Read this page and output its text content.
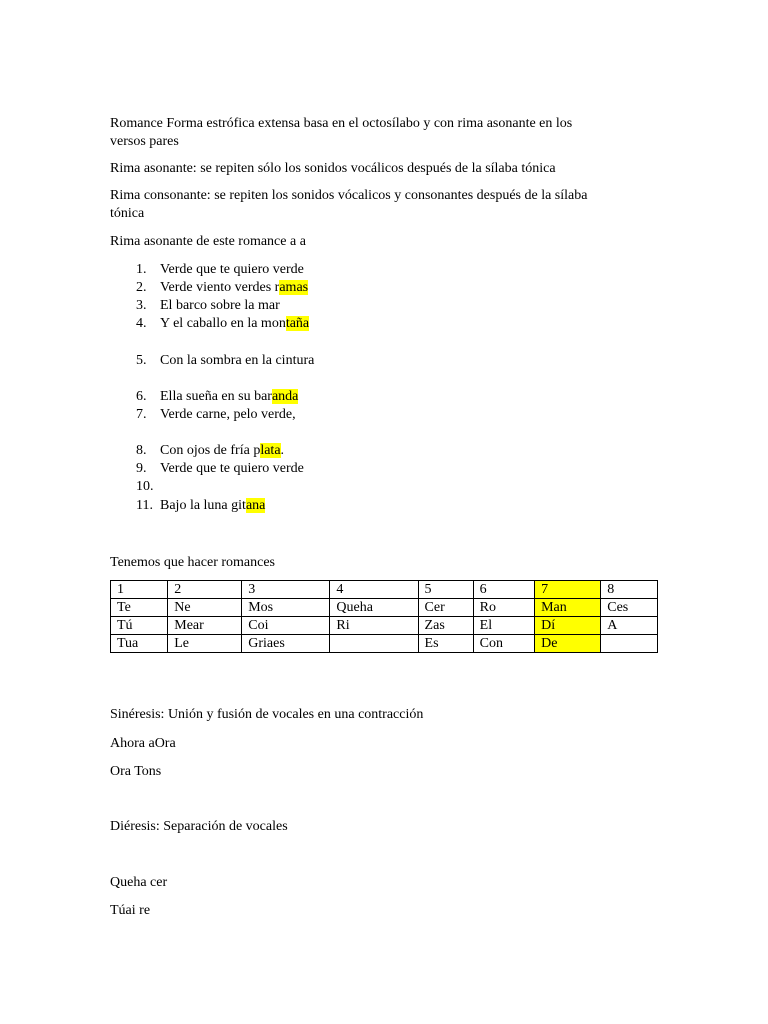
Romance Forma estrófica extensa basa en el octosílabo y con rima asonante en los
versos pares
Rima asonante: se repiten sólo los sonidos vocálicos después de la sílaba tónica
Rima consonante: se repiten los sonidos vócalicos y consonantes después de la sílaba
tónica
Rima asonante de este romance a a
1. Verde que te quiero verde
2. Verde viento verdes ramas
3. El barco sobre la mar
4. Y el caballo en la montaña
5. Con la sombra en la cintura
6. Ella sueña en su baranda
7. Verde carne, pelo verde,
8. Con ojos de fría plata.
9. Verde que te quiero verde
10.
11. Bajo la luna gitana
Tenemos que hacer romances
1	2	3	4	5	6	7	8
Te	Ne	Mos	Queha	Cer	Ro	Man	Ces
Tú	Mear	Coi	Ri	Zas	El	Dí	A
Tua	Le	Griaes		Es	Con	De	
Sinéresis: Unión y fusión de vocales en una contracción
Ahora aOra
Ora Tons
Diéresis: Separación de vocales
Queha cer
Túai re
